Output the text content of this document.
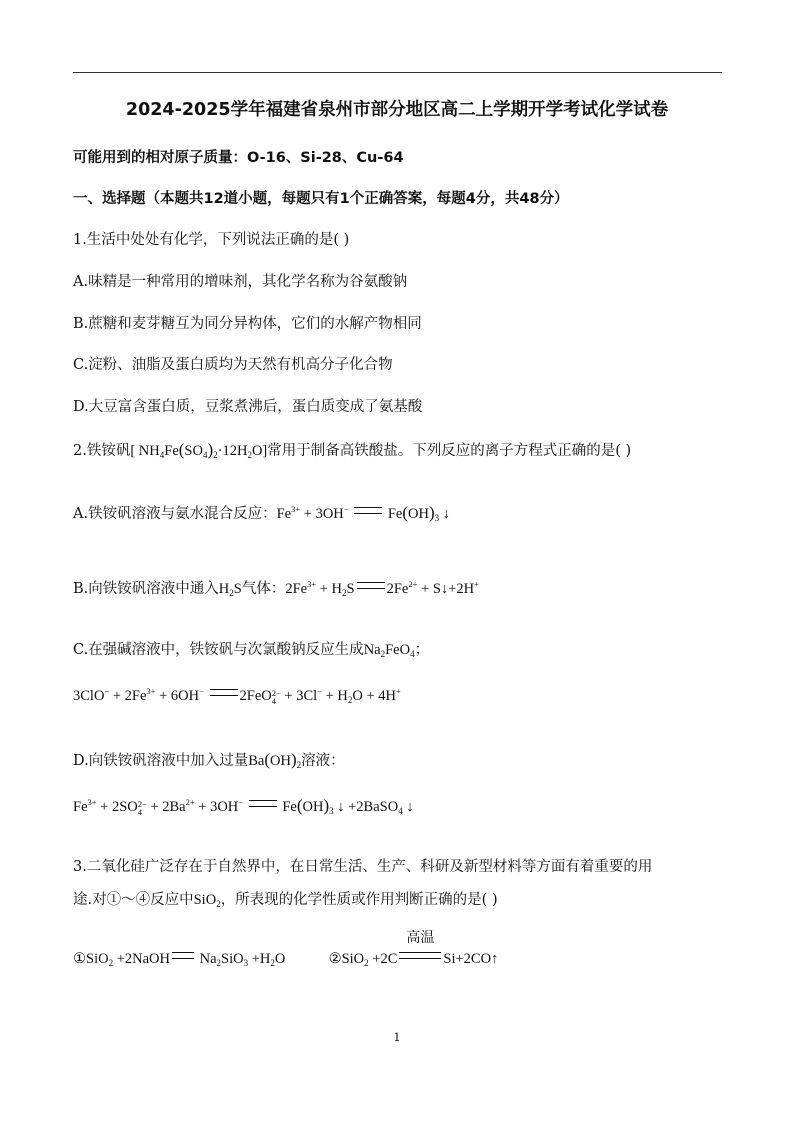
2024-2025学年福建省泉州市部分地区高二上学期开学考试化学试卷
可能用到的相对原子质量：O-16、Si-28、Cu-64
一、选择题（本题共12道小题，每题只有1个正确答案，每题4分，共48分）
1.生活中处处有化学，下列说法正确的是( )
A.味精是一种常用的增味剂，其化学名称为谷氨酸钠
B.蔗糖和麦芽糖互为同分异构体，它们的水解产物相同
C.淀粉、油脂及蛋白质均为天然有机高分子化合物
D.大豆富含蛋白质，豆浆煮沸后，蛋白质变成了氨基酸
2.铁铵矾[ $NH_4Fe(SO_4)_2\cdot 12H_2O$]常用于制备高铁酸盐。下列反应的离子方程式正确的是( )
A.铁铵矾溶液与氨水混合反应：$Fe^{3+} + 3OH^-$  $Fe(OH)_3$ ↓
B.向铁铵矾溶液中通入$H_2S$气体：$2Fe^{3+} + H_2S$ $2Fe^{2+}$ + S↓+2H+
C.在强碱溶液中，铁铵矾与次氯酸钠反应生成$Na_2FeO_4$；
$3ClO^- + 2Fe^{3+} + 6OH^-$ 2FeO 2−
$4 + 3Cl^- + H_2O + 4H^+$
D.向铁铵矾溶液中加入过量$Ba(OH)_2$溶液：
$Fe^{3+} + 2SO$ 2−
$4 + 2Ba^{2+} + 3OH^-$  $Fe(OH)_3$ ↓ +2BaSO$_4$ ↓
3.二氧化硅广泛存在于自然界中，在日常生活、生产、科研及新型材料等方面有着重要的用
途.对①～④反应中SiO$_2$，所表现的化学性质或作用判断正确的是( )
①SiO$_2$ +2NaOH $Na_2SiO_3 +H_2O$	②SiO$_2$ +2C
高温
Si+2CO↑
1
